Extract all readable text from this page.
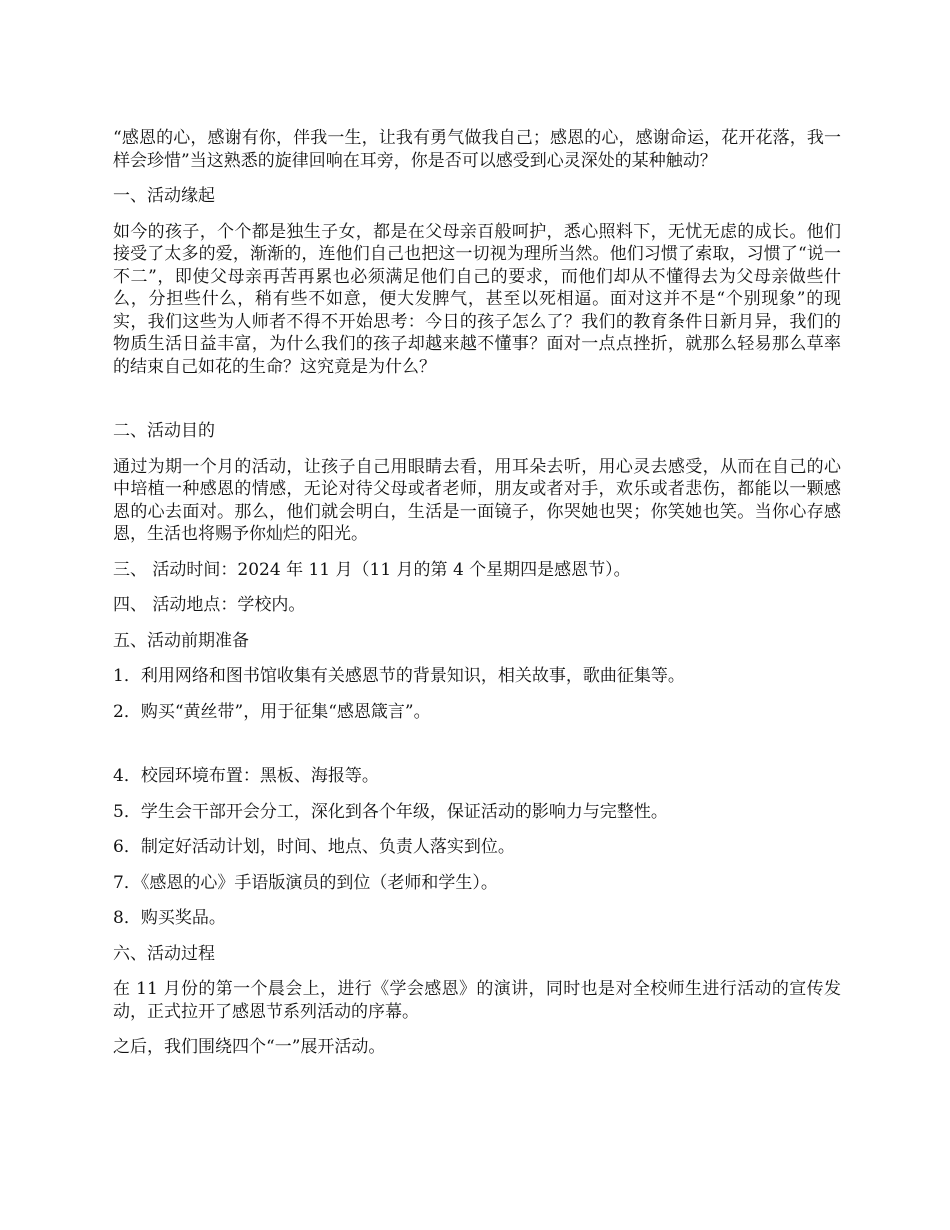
“感恩的心，感谢有你，伴我一生，让我有勇气做我自己；感恩的心，感谢命运，花开花落，我一样会珍惜”当这熟悉的旋律回响在耳旁，你是否可以感受到心灵深处的某种触动？

一、活动缘起

如今的孩子，个个都是独生子女，都是在父母亲百般呵护，悉心照料下，无忧无虑的成长。他们接受了太多的爱，渐渐的，连他们自己也把这一切视为理所当然。他们习惯了索取，习惯了“说一不二”，即使父母亲再苦再累也必须满足他们自己的要求，而他们却从不懂得去为父母亲做些什么，分担些什么，稍有些不如意，便大发脾气，甚至以死相逼。面对这并不是“个别现象”的现实，我们这些为人师者不得不开始思考：今日的孩子怎么了？我们的教育条件日新月异，我们的物质生活日益丰富，为什么我们的孩子却越来越不懂事？面对一点点挫折，就那么轻易那么草率的结束自己如花的生命？这究竟是为什么？

二、活动目的

通过为期一个月的活动，让孩子自己用眼睛去看，用耳朵去听，用心灵去感受，从而在自己的心中培植一种感恩的情感，无论对待父母或者老师，朋友或者对手，欢乐或者悲伤，都能以一颗感恩的心去面对。那么，他们就会明白，生活是一面镜子，你哭她也哭；你笑她也笑。当你心存感恩，生活也将赐予你灿烂的阳光。

三、 活动时间：2024 年 11 月（11 月的第 4 个星期四是感恩节）。

四、 活动地点：学校内。

五、活动前期准备

1．利用网络和图书馆收集有关感恩节的背景知识，相关故事，歌曲征集等。

2．购买“黄丝带”，用于征集“感恩箴言”。

4．校园环境布置：黑板、海报等。

5．学生会干部开会分工，深化到各个年级，保证活动的影响力与完整性。

6．制定好活动计划，时间、地点、负责人落实到位。

7．《感恩的心》手语版演员的到位（老师和学生）。

8．购买奖品。

六、活动过程

在 11 月份的第一个晨会上，进行《学会感恩》的演讲，同时也是对全校师生进行活动的宣传发动，正式拉开了感恩节系列活动的序幕。

之后，我们围绕四个“一”展开活动。
